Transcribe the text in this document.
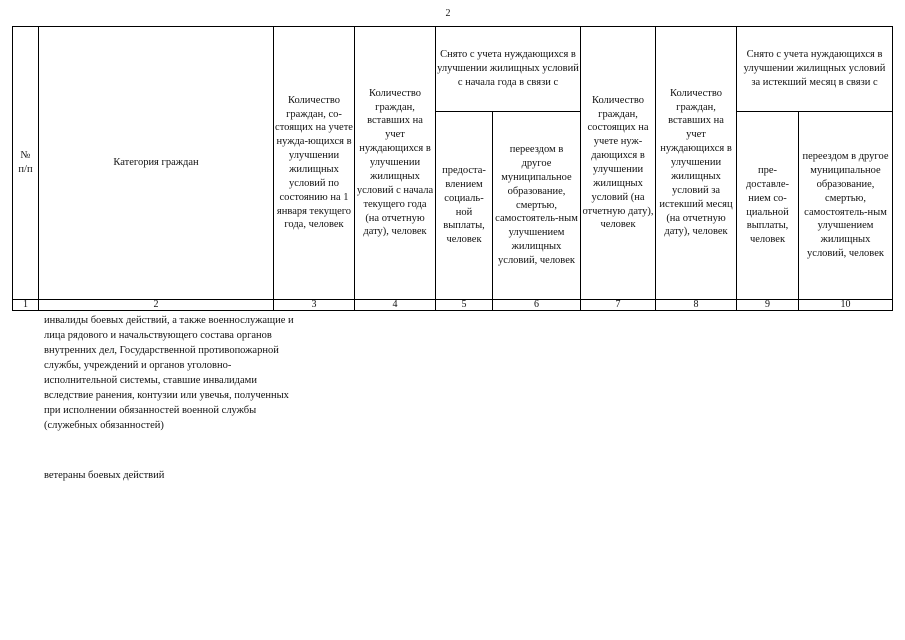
2
№
п/п	Категория граждан	Количество граждан, со-стоящих на учете нужда-ющихся в улучшении жилищных условий по состоянию на 1 января текущего года, человек	Количество граждан, вставших на учет нуждающихся в улучшении жилищных условий с начала текущего года (на отчетную дату), человек	Снято с учета нуждающихся в улучшении жилищных условий с начала года в связи с		Количество граждан, состоящих на учете нуж-дающихся в улучшении жилищных условий (на отчетную дату), человек	Количество граждан, вставших на учет нуждающихся в улучшении жилищных условий за истекший месяц (на отчетную дату), человек	Снято с учета нуждающихся в улучшении жилищных условий за истекший месяц в связи с	
				предоста-влением социаль-ной выплаты, человек	переездом в другое муниципальное образование, смертью, самостоятель-ным улучшением жилищных условий, человек			пре-доставле-нием со-циальной выплаты, человек	переездом в другое муниципальное образование, смертью, самостоятель-ным улучшением жилищных условий, человек
1	2	3	4	5	6	7	8	9	10

инвалиды боевых действий, а также военнослужащие и лица рядового и начальствующего состава органов внутренних дел, Государственной противопожарной службы, учреждений и органов уголовно-исполнительной системы, ставшие инвалидами вследствие ранения, контузии или увечья, полученных при исполнении обязанностей военной службы (служебных обязанностей)

ветераны боевых действий
